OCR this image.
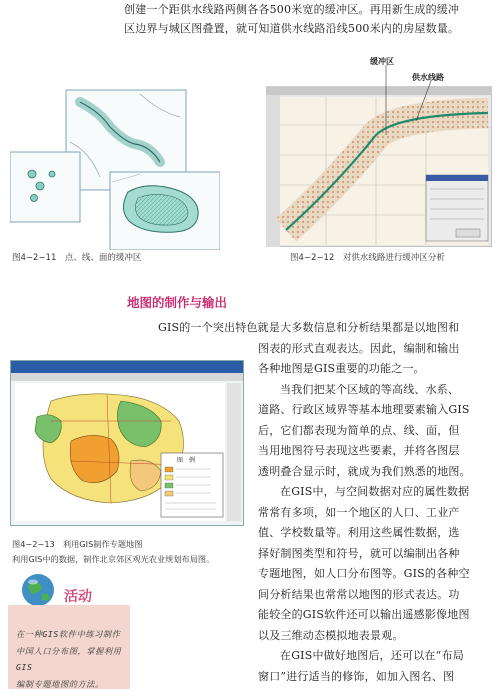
创建一个距供水线路两侧各各500米宽的缓冲区。再用新生成的缓冲
区边界与城区图叠置，就可知道供水线路沿线500米内的房屋数量。
图4−2−11　点、线、面的缓冲区
缓冲区
供水线路
图4−2−12　对供水线路进行缓冲区分析
地图的制作与输出
GIS的一个突出特色就是大多数信息和分析结果都是以地图和
图表的形式直观表达。因此，编制和输出
各种地图是GIS重要的功能之一。
当我们把某个区域的等高线、水系、
道路、行政区域界等基本地理要素输入GIS
后，它们都表现为简单的点、线、面，但
当用地图符号表现这些要素，并将各图层
透明叠合显示时，就成为我们熟悉的地图。
在GIS中，与空间数据对应的属性数据
常常有多项，如一个地区的人口、工业产
值、学校数量等。利用这些属性数据，选
择好制图类型和符号，就可以编制出各种
专题地图，如人口分布图等。GIS的各种空
间分析结果也常常以地图的形式表达。功
能较全的GIS软件还可以输出遥感影像地图
以及三维动态模拟地表景观。
在GIS中做好地图后，还可以在“布局
窗口”进行适当的修饰，如加入图名、图
图　例
图4−2−13　利用GIS制作专题地图
利用GIS中的数据，制作北京郊区观光农业规划布局图。
活动
在一种GIS软件中练习制作
中国人口分布图，掌握利用GIS
编制专题地图的方法。
